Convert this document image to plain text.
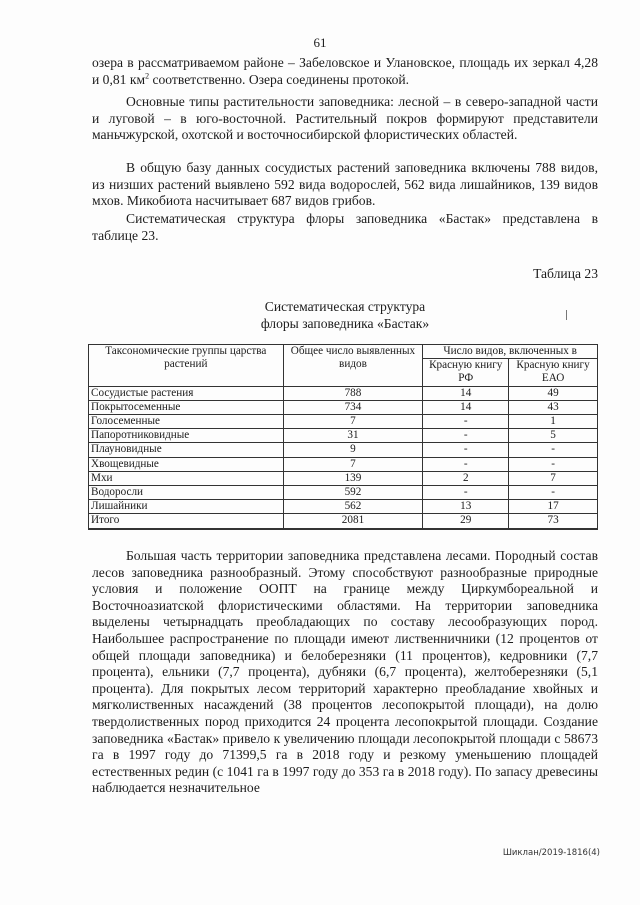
61

озера в рассматриваемом районе – Забеловское и Улановское, площадь их зеркал 4,28 и 0,81 $км^2$ соответственно. Озера соединены протокой.

Основные типы растительности заповедника: лесной – в северо-западной части и луговой – в юго-восточной. Растительный покров формируют представители маньчжурской, охотской и восточносибирской флористических областей.

В общую базу данных сосудистых растений заповедника включены 788 видов, из низших растений выявлено 592 вида водорослей, 562 вида лишайников, 139 видов мхов. Микобиота насчитывает 687 видов грибов.

Систематическая структура флоры заповедника «Бастак» представлена в таблице 23.

Таблица 23
Систематическая структура
флоры заповедника «Бастак»
Таксономические группы царства растений	Общее число выявленных видов	Число видов, включенных в	
		Красную книгу РФ	Красную книгу ЕАО
Сосудистые растения	788	14	49
Покрытосеменные	734	14	43
Голосеменные	7	-	1
Папоротниковидные	31	-	5
Плауновидные	9	-	-
Хвощевидные	7	-	-
Мхи	139	2	7
Водоросли	592	-	-
Лишайники	562	13	17
Итого	2081	29	73

Большая часть территории заповедника представлена лесами. Породный состав лесов заповедника разнообразный. Этому способствуют разнообразные природные условия и положение ООПТ на границе между Циркумбореальной и Восточноазиатской флористическими областями. На территории заповедника выделены четырнадцать преобладающих по составу лесообразующих пород. Наибольшее распространение по площади имеют лиственничники (12 процентов от общей площади заповедника) и белоберезняки (11 процентов), кедровники (7,7 процента), ельники (7,7 процента), дубняки (6,7 процента), желтоберезняки (5,1 процента). Для покрытых лесом территорий характерно преобладание хвойных и мягколиственных насаждений (38 процентов лесопокрытой площади), на долю твердолиственных пород приходится 24 процента лесопокрытой площади. Создание заповедника «Бастак» привело к увеличению площади лесопокрытой площади с 58673 га в 1997 году до 71399,5 га в 2018 году и резкому уменьшению площадей естественных редин (с 1041 га в 1997 году до 353 га в 2018 году). По запасу древесины наблюдается незначительное

Шиклан/2019-1816(4)
